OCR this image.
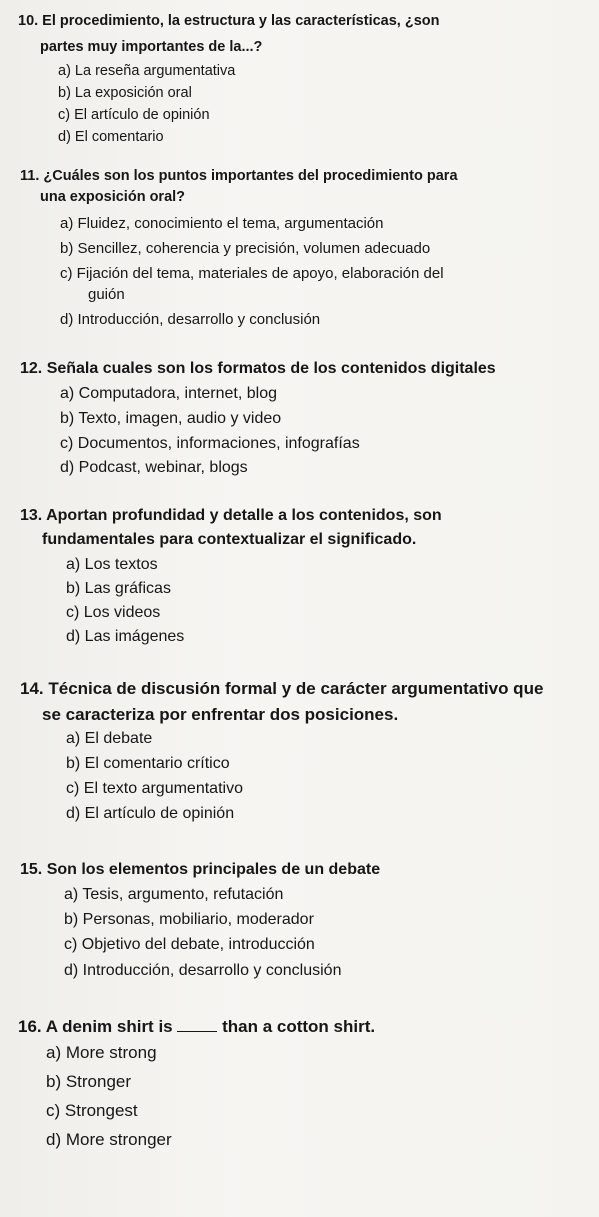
10. El procedimiento, la estructura y las características, ¿son
partes muy importantes de la...?
a) La reseña argumentativa
b) La exposición oral
c) El artículo de opinión
d) El comentario
11. ¿Cuáles son los puntos importantes del procedimiento para
una exposición oral?
a) Fluidez, conocimiento el tema, argumentación
b) Sencillez, coherencia y precisión, volumen adecuado
c) Fijación del tema, materiales de apoyo, elaboración del
guión
d) Introducción, desarrollo y conclusión
12. Señala cuales son los formatos de los contenidos digitales
a) Computadora, internet, blog
b) Texto, imagen, audio y video
c) Documentos, informaciones, infografías
d) Podcast, webinar, blogs
13. Aportan profundidad y detalle a los contenidos, son
fundamentales para contextualizar el significado.
a) Los textos
b) Las gráficas
c) Los videos
d) Las imágenes
14. Técnica de discusión formal y de carácter argumentativo que
se caracteriza por enfrentar dos posiciones.
a) El debate
b) El comentario crítico
c) El texto argumentativo
d) El artículo de opinión
15. Son los elementos principales de un debate
a) Tesis, argumento, refutación
b) Personas, mobiliario, moderador
c) Objetivo del debate, introducción
d) Introducción, desarrollo y conclusión
16. A denim shirt is	than a cotton shirt.
a) More strong
b) Stronger
c) Strongest
d) More stronger
